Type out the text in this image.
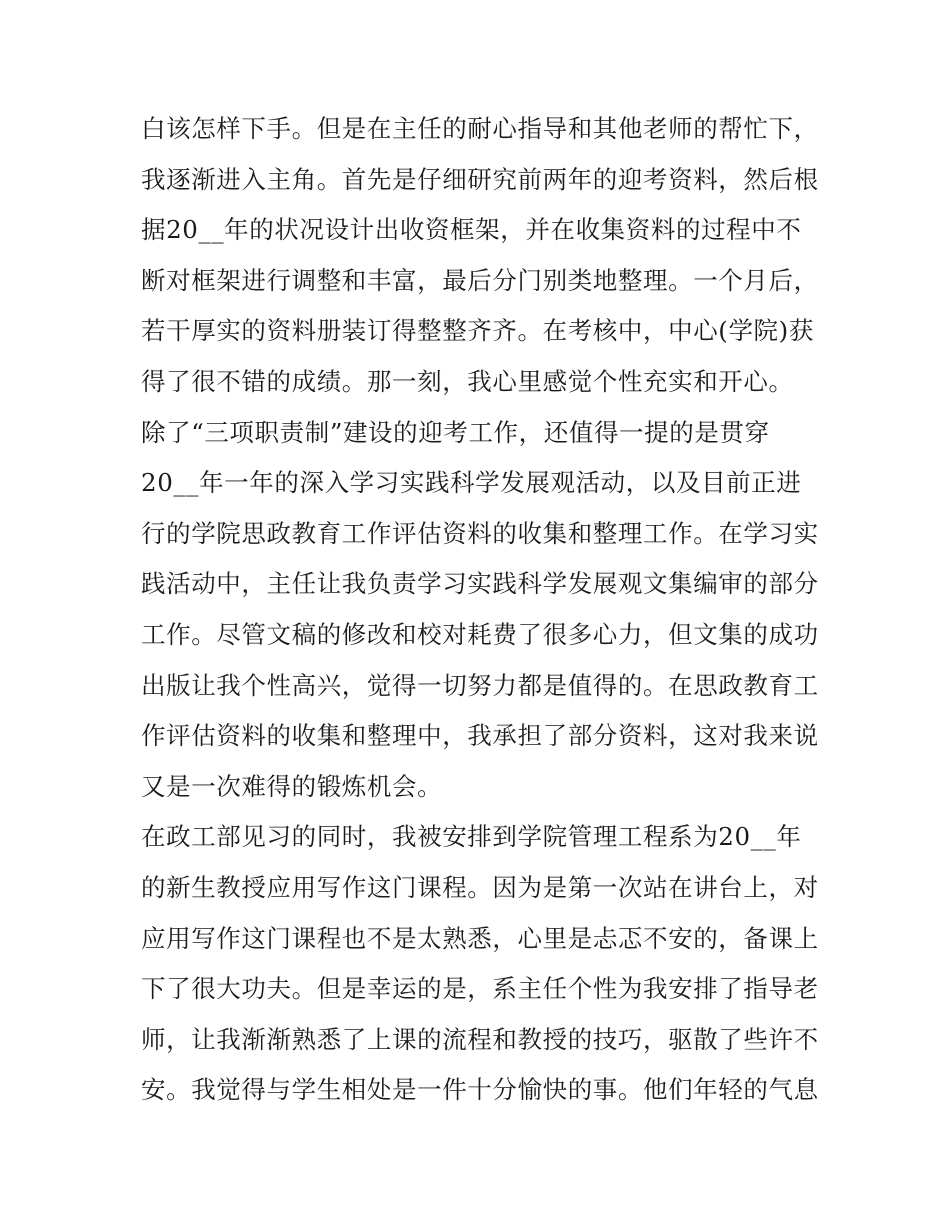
白该怎样下手。但是在主任的耐心指导和其他老师的帮忙下，
我逐渐进入主角。首先是仔细研究前两年的迎考资料，然后根
据20__年的状况设计出收资框架，并在收集资料的过程中不
断对框架进行调整和丰富，最后分门别类地整理。一个月后，
若干厚实的资料册装订得整整齐齐。在考核中，中心(学院)获
得了很不错的成绩。那一刻，我心里感觉个性充实和开心。
除了“三项职责制”建设的迎考工作，还值得一提的是贯穿
20__年一年的深入学习实践科学发展观活动，以及目前正进
行的学院思政教育工作评估资料的收集和整理工作。在学习实
践活动中，主任让我负责学习实践科学发展观文集编审的部分
工作。尽管文稿的修改和校对耗费了很多心力，但文集的成功
出版让我个性高兴，觉得一切努力都是值得的。在思政教育工
作评估资料的收集和整理中，我承担了部分资料，这对我来说
又是一次难得的锻炼机会。
在政工部见习的同时，我被安排到学院管理工程系为20__年
的新生教授应用写作这门课程。因为是第一次站在讲台上，对
应用写作这门课程也不是太熟悉，心里是忐忑不安的，备课上
下了很大功夫。但是幸运的是，系主任个性为我安排了指导老
师，让我渐渐熟悉了上课的流程和教授的技巧，驱散了些许不
安。我觉得与学生相处是一件十分愉快的事。他们年轻的气息
